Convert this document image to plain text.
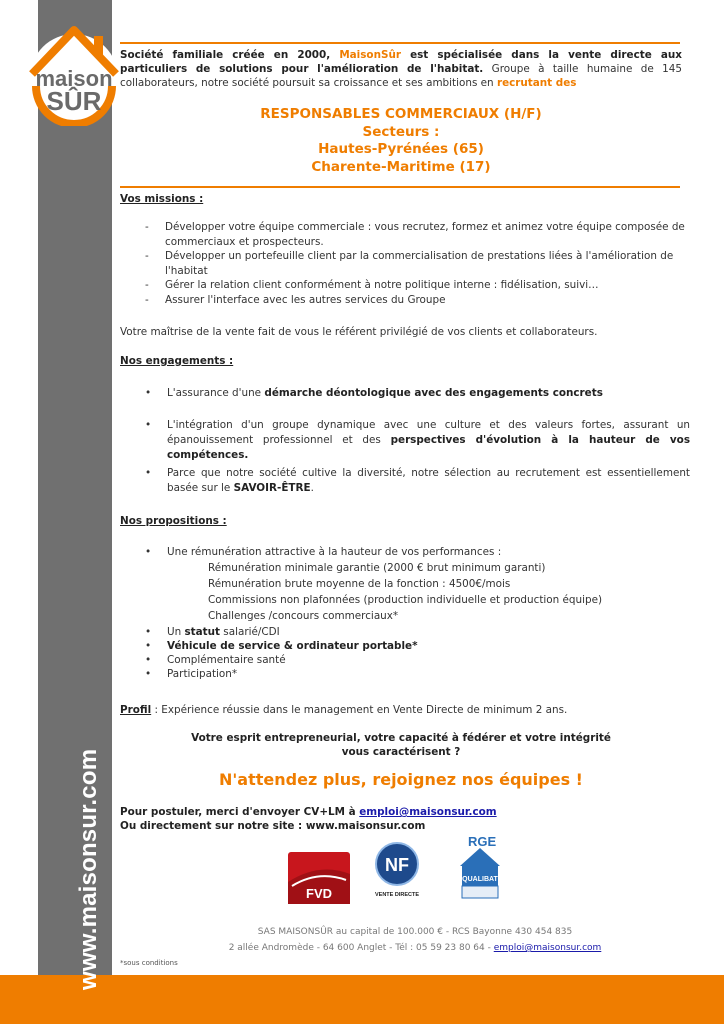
maison
SÛR
www.maisonsur.com
Société familiale créée en 2000, MaisonSûr est spécialisée dans la vente directe aux particuliers de solutions pour l'amélioration de l'habitat. Groupe à taille humaine de 145 collaborateurs, notre société poursuit sa croissance et ses ambitions en recrutant des
RESPONSABLES COMMERCIAUX (H/F)
Secteurs :
Hautes-Pyrénées (65)
Charente-Maritime (17)
Vos missions :
- Développer votre équipe commerciale : vous recrutez, formez et animez votre équipe composée de commerciaux et prospecteurs.
- Développer un portefeuille client par la commercialisation de prestations liées à l'amélioration de l'habitat
- Gérer la relation client conformément à notre politique interne : fidélisation, suivi…
- Assurer l'interface avec les autres services du Groupe
Votre maîtrise de la vente fait de vous le référent privilégié de vos clients et collaborateurs.
Nos engagements :
• L'assurance d'une démarche déontologique avec des engagements concrets
• L'intégration d'un groupe dynamique avec une culture et des valeurs fortes, assurant un épanouissement professionnel et des perspectives d'évolution à la hauteur de vos compétences.
• Parce que notre société cultive la diversité, notre sélection au recrutement est essentiellement basée sur le SAVOIR-ÊTRE.
Nos propositions :
• Une rémunération attractive à la hauteur de vos performances :
Rémunération minimale garantie (2000 € brut minimum garanti)
Rémunération brute moyenne de la fonction : 4500€/mois
Commissions non plafonnées (production individuelle et production équipe)
Challenges /concours commerciaux*
• Un statut salarié/CDI
• Véhicule de service & ordinateur portable*
• Complémentaire santé
• Participation*
Profil : Expérience réussie dans le management en Vente Directe de minimum 2 ans.
Votre esprit entrepreneurial, votre capacité à fédérer et votre intégrité
vous caractérisent ?
N'attendez plus, rejoignez nos équipes !
Pour postuler, merci d'envoyer CV+LM à emploi@maisonsur.com
Ou directement sur notre site : www.maisonsur.com
FVD
NF
VENTE DIRECTE
RGE
QUALIBAT
SAS MAISONSÛR au capital de 100.000 € - RCS Bayonne 430 454 835
2 allée Andromède - 64 600 Anglet - Tél : 05 59 23 80 64 - emploi@maisonsur.com
*sous conditions
